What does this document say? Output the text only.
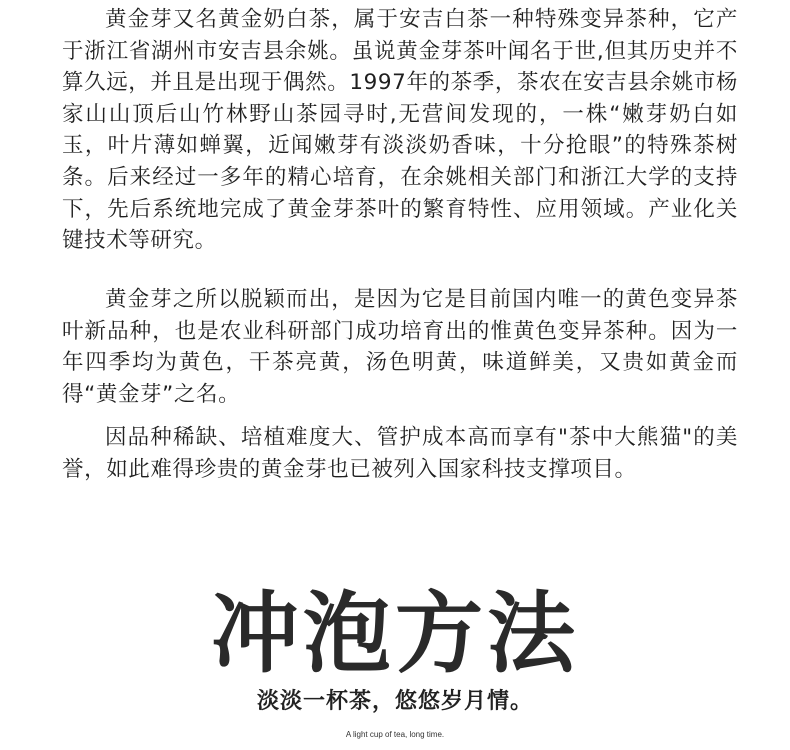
黄金芽又名黄金奶白茶，属于安吉白茶一种特殊变异茶种，它产于浙江省湖州市安吉县余姚。虽说黄金芽茶叶闻名于世,但其历史并不算久远，并且是出现于偶然。1997年的茶季，茶农在安吉县余姚市杨家山山顶后山竹林野山茶园寻时,无营间发现的，一株“嫩芽奶白如玉，叶片薄如蝉翼，近闻嫩芽有淡淡奶香味，十分抢眼”的特殊茶树条。后来经过一多年的精心培育，在余姚相关部门和浙江大学的支持下，先后系统地完成了黄金芽茶叶的繁育特性、应用领域。产业化关键技术等研究。

黄金芽之所以脱颖而出，是因为它是目前国内唯一的黄色变异茶叶新品种，也是农业科研部门成功培育出的惟黄色变异茶种。因为一年四季均为黄色，干茶亮黄，汤色明黄，味道鲜美，又贵如黄金而得“黄金芽”之名。

因品种稀缺、培植难度大、管护成本高而享有"茶中大熊猫"的美誉，如此难得珍贵的黄金芽也已被列入国家科技支撑项目。

冲泡方法

淡淡一杯茶，悠悠岁月情。

A light cup of tea, long time.
